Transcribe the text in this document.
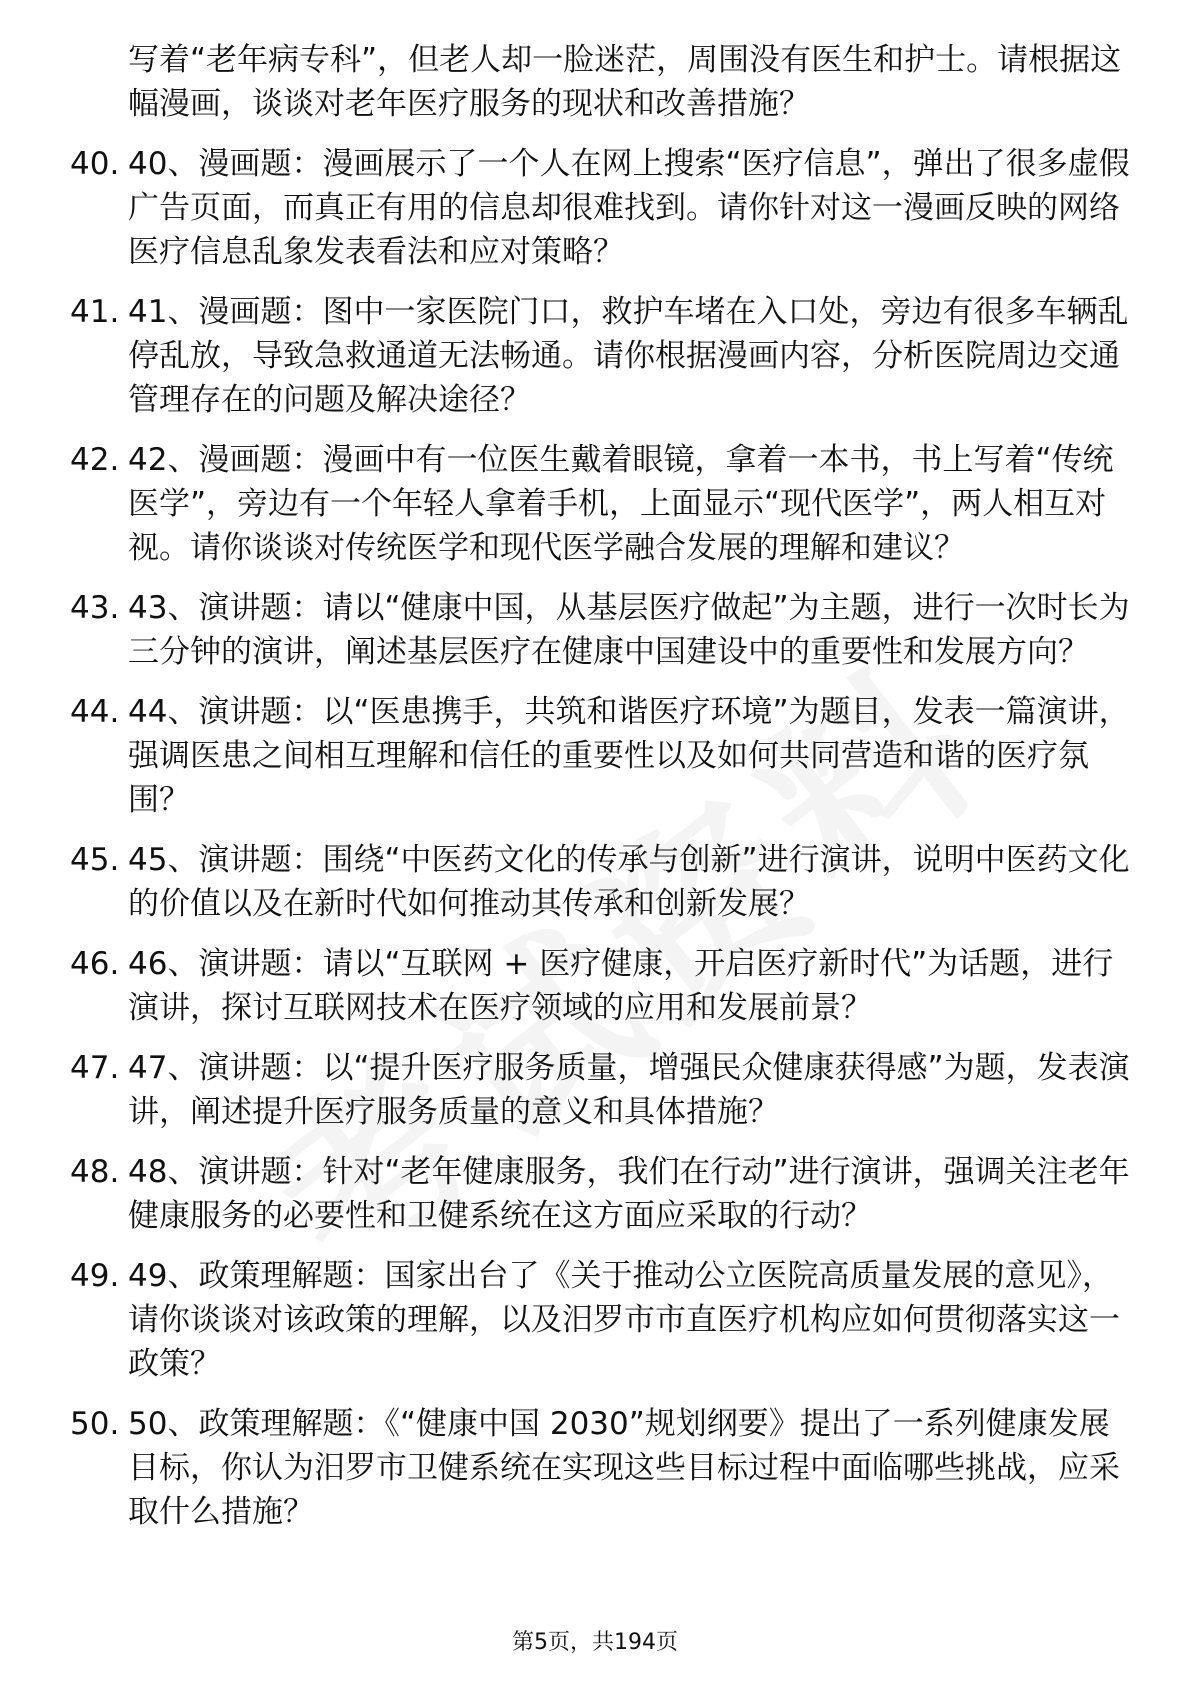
写着“老年病专科”，但老人却一脸迷茫，周围没有医生和护士。请根据这幅漫画，谈谈对老年医疗服务的现状和改善措施？
40. 40、漫画题：漫画展示了一个人在网上搜索“医疗信息”，弹出了很多虚假广告页面，而真正有用的信息却很难找到。请你针对这一漫画反映的网络医疗信息乱象发表看法和应对策略？
41. 41、漫画题：图中一家医院门口，救护车堵在入口处，旁边有很多车辆乱停乱放，导致急救通道无法畅通。请你根据漫画内容，分析医院周边交通管理存在的问题及解决途径？
42. 42、漫画题：漫画中有一位医生戴着眼镜，拿着一本书，书上写着“传统医学”，旁边有一个年轻人拿着手机，上面显示“现代医学”，两人相互对视。请你谈谈对传统医学和现代医学融合发展的理解和建议？
43. 43、演讲题：请以“健康中国，从基层医疗做起”为主题，进行一次时长为三分钟的演讲，阐述基层医疗在健康中国建设中的重要性和发展方向？
44. 44、演讲题：以“医患携手，共筑和谐医疗环境”为题目，发表一篇演讲，强调医患之间相互理解和信任的重要性以及如何共同营造和谐的医疗氛围？
45. 45、演讲题：围绕“中医药文化的传承与创新”进行演讲，说明中医药文化的价值以及在新时代如何推动其传承和创新发展？
46. 46、演讲题：请以“互联网 + 医疗健康，开启医疗新时代”为话题，进行演讲，探讨互联网技术在医疗领域的应用和发展前景？
47. 47、演讲题：以“提升医疗服务质量，增强民众健康获得感”为题，发表演讲，阐述提升医疗服务质量的意义和具体措施？
48. 48、演讲题：针对“老年健康服务，我们在行动”进行演讲，强调关注老年健康服务的必要性和卫健系统在这方面应采取的行动？
49. 49、政策理解题：国家出台了《关于推动公立医院高质量发展的意见》，请你谈谈对该政策的理解，以及汨罗市市直医疗机构应如何贯彻落实这一政策？
50. 50、政策理解题：《“健康中国 2030”规划纲要》提出了一系列健康发展目标，你认为汨罗市卫健系统在实现这些目标过程中面临哪些挑战，应采取什么措施？
第5页，共194页
